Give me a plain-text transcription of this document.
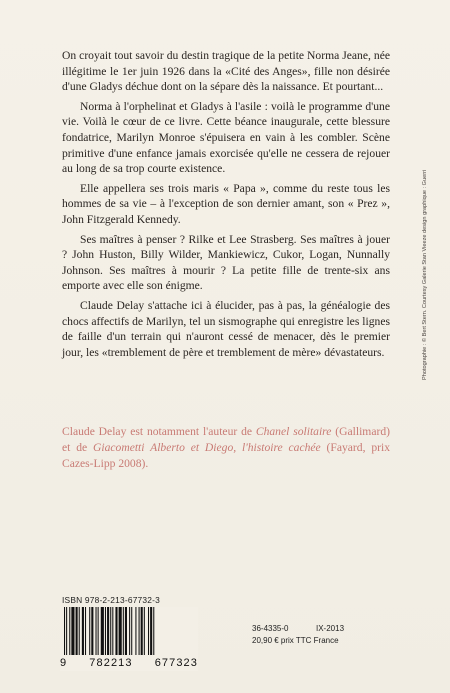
On croyait tout savoir du destin tragique de la petite Norma Jeane, née illégitime le 1er juin 1926 dans la «Cité des Anges», fille non désirée d'une Gladys déchue dont on la sépare dès la naissance. Et pourtant...

Norma à l'orphelinat et Gladys à l'asile : voilà le programme d'une vie. Voilà le cœur de ce livre. Cette béance inaugurale, cette blessure fondatrice, Marilyn Monroe s'épuisera en vain à les combler. Scène primitive d'une enfance jamais exorcisée qu'elle ne cessera de rejouer au long de sa trop courte existence.

Elle appellera ses trois maris « Papa », comme du reste tous les hommes de sa vie – à l'exception de son dernier amant, son « Prez », John Fitzgerald Kennedy.

Ses maîtres à penser ? Rilke et Lee Strasberg. Ses maîtres à jouer ? John Huston, Billy Wilder, Mankiewicz, Cukor, Logan, Nunnally Johnson. Ses maîtres à mourir ? La petite fille de trente-six ans emporte avec elle son énigme.

Claude Delay s'attache ici à élucider, pas à pas, la généalogie des chocs affectifs de Marilyn, tel un sismographe qui enregistre les lignes de faille d'un terrain qui n'auront cessé de menacer, dès le premier jour, les «tremblement de père et tremblement de mère» dévastateurs.

Claude Delay est notamment l'auteur de Chanel solitaire (Gallimard) et de Giacometti Alberto et Diego, l'histoire cachée (Fayard, prix Cazes-Lipp 2008).
Photographie : © Bert Stern. Courtesy Galerie Stan Vieeze design graphique : Guerri
ISBN 978-2-213-67732-3
9 782213 677323
36-4335-0	IX-2013
20,90 € prix TTC France
